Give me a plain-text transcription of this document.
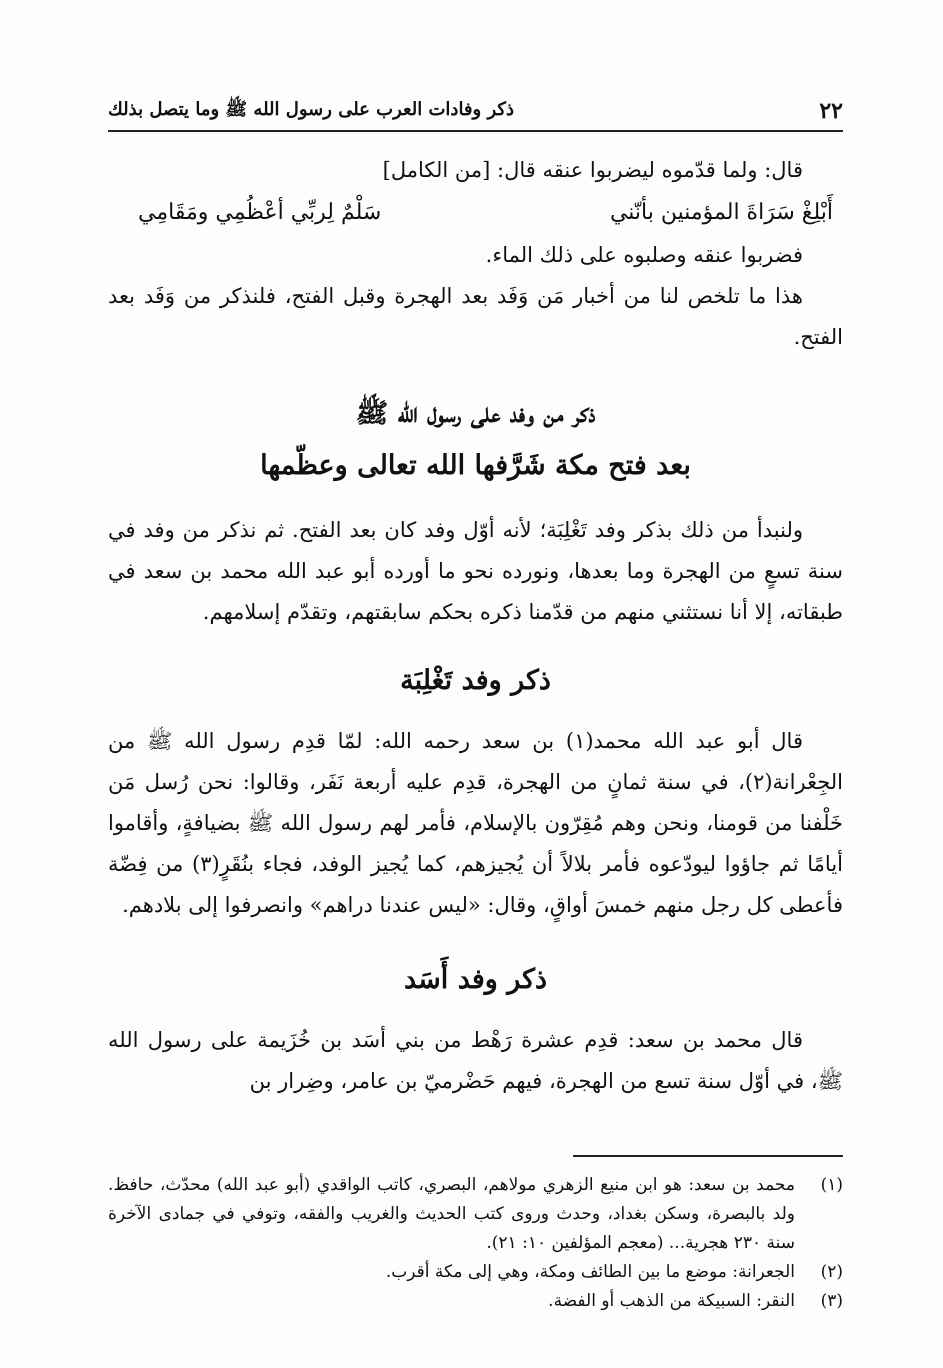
٢٢
ذكر وفادات العرب على رسول الله ﷺ وما يتصل بذلك

قال: ولما قدّموه ليضربوا عنقه قال: [من الكامل]

أَبْلِغْ سَرَاةَ المؤمنين بأنّني
سَلْمٌ لِربِّي أعْظُمِي ومَقَامِي

فضربوا عنقه وصلبوه على ذلك الماء.

هذا ما تلخص لنا من أخبار مَن وَفَد بعد الهجرة وقبل الفتح، فلنذكر من وَفَد بعد الفتح.

ذكر من وفد على رسول الله ﷺ
بعد فتح مكة شَرَّفها الله تعالى وعظّمها

ولنبدأ من ذلك بذكر وفد تَغْلِبَة؛ لأنه أوّل وفد كان بعد الفتح. ثم نذكر من وفد في سنة تسعٍ من الهجرة وما بعدها، ونورده نحو ما أورده أبو عبد الله محمد بن سعد في طبقاته، إلا أنا نستثني منهم من قدّمنا ذكره بحكم سابقتهم، وتقدّم إسلامهم.

ذكر وفد تَغْلِبَة

قال أبو عبد الله محمد(١) بن سعد رحمه الله: لمّا قدِم رسول الله ﷺ من الجِعْرانة(٢)، في سنة ثمانٍ من الهجرة، قدِم عليه أربعة نَفَر، وقالوا: نحن رُسل مَن خَلْفنا من قومنا، ونحن وهم مُقِرّون بالإسلام، فأمر لهم رسول الله ﷺ بضيافةٍ، وأقاموا أيامًا ثم جاؤوا ليودّعوه فأمر بلالاً أن يُجيزهم، كما يُجيز الوفد، فجاء بنُقَرٍ(٣) من فِضّة فأعطى كل رجل منهم خمسَ أواقٍ، وقال: «ليس عندنا دراهم» وانصرفوا إلى بلادهم.

ذكر وفد أَسَد

قال محمد بن سعد: قدِم عشرة رَهْط من بني أسَد بن خُزَيمة على رسول الله ﷺ، في أوّل سنة تسع من الهجرة، فيهم حَضْرميّ بن عامر، وضِرار بن

(١)
محمد بن سعد: هو ابن منيع الزهري مولاهم، البصري، كاتب الواقدي (أبو عبد الله) محدّث، حافظ. ولد بالبصرة، وسكن بغداد، وحدث وروى كتب الحديث والغريب والفقه، وتوفي في جمادى الآخرة سنة ٢٣٠ هجرية... (معجم المؤلفين ١٠: ٢١).
(٢)
الجعرانة: موضع ما بين الطائف ومكة، وهي إلى مكة أقرب.
(٣)
النقر: السبيكة من الذهب أو الفضة.
